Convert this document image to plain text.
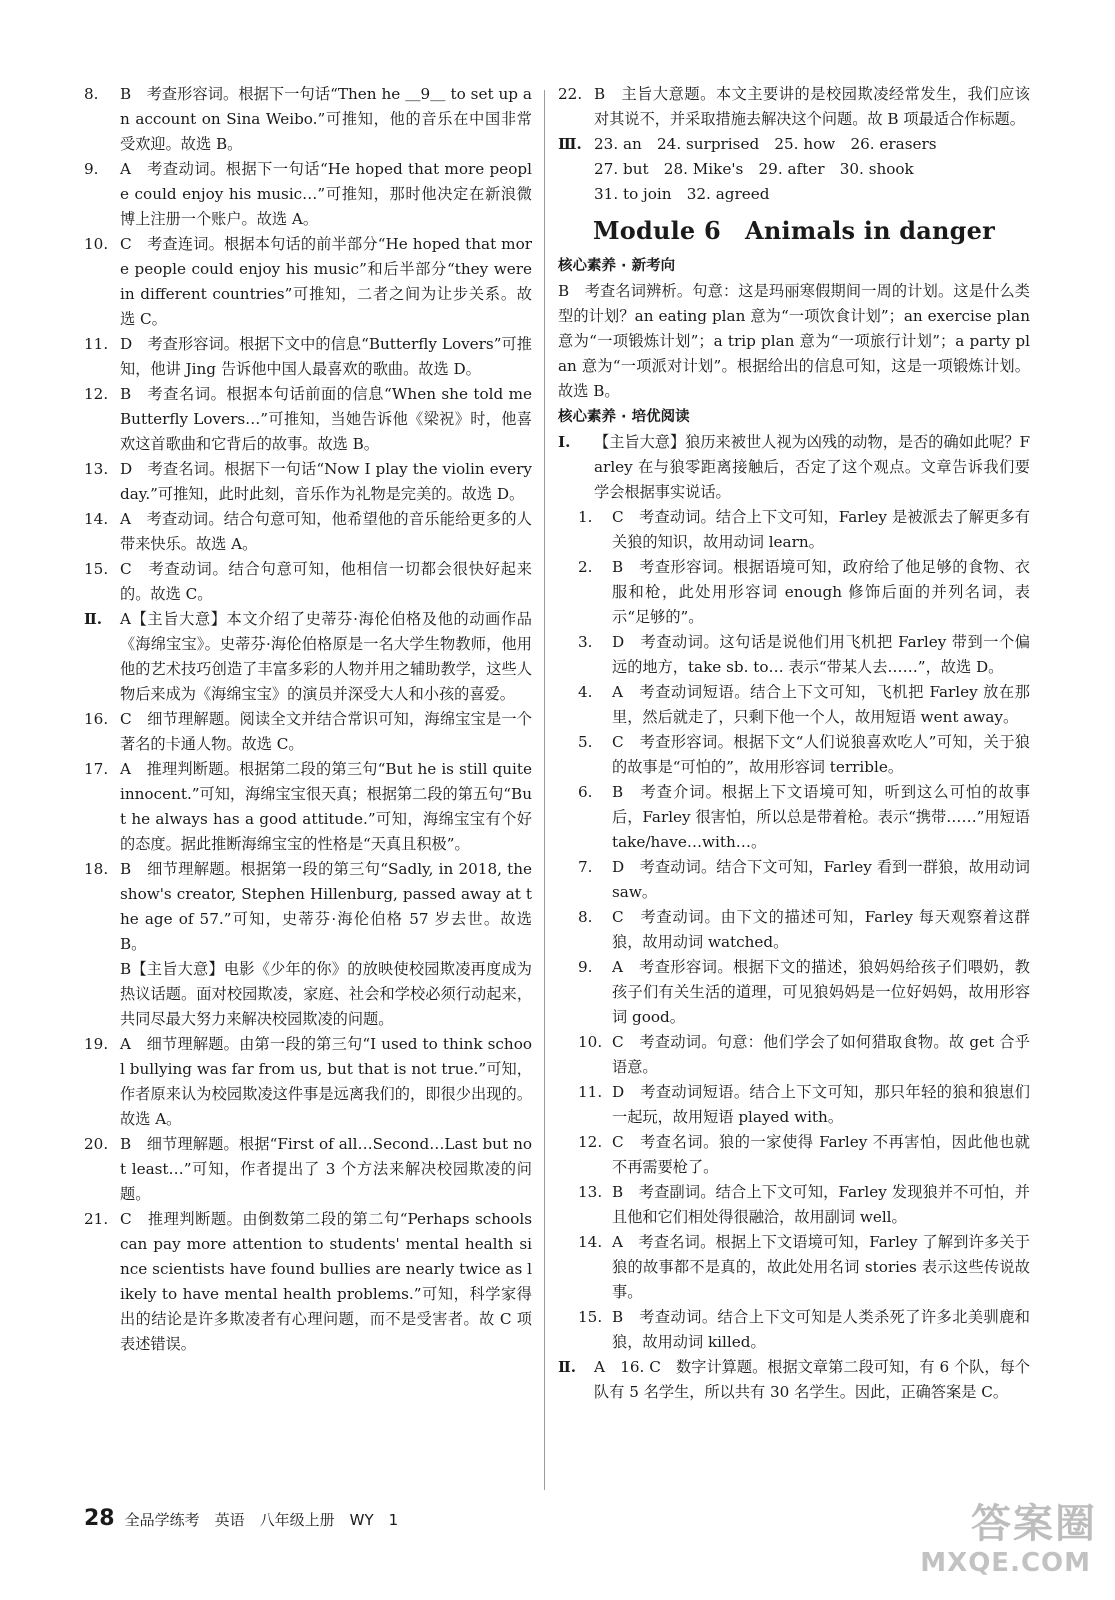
8.	B　考查形容词。根据下一句话“Then he ＿9＿ to set up an account on Sina Weibo.”可推知，他的音乐在中国非常受欢迎。故选 B。
9.	A　考查动词。根据下一句话“He hoped that more people could enjoy his music…”可推知，那时他决定在新浪微博上注册一个账户。故选 A。
10. C　考查连词。根据本句话的前半部分“He hoped that more people could enjoy his music”和后半部分“they were in different countries”可推知，二者之间为让步关系。故选 C。
11. D　考查形容词。根据下文中的信息“Butterfly Lovers”可推知，他讲 Jing 告诉他中国人最喜欢的歌曲。故选 D。
12. B　考查名词。根据本句话前面的信息“When she told me Butterfly Lovers…”可推知，当她告诉他《梁祝》时，他喜欢这首歌曲和它背后的故事。故选 B。
13. D　考查名词。根据下一句话“Now I play the violin every day.”可推知，此时此刻，音乐作为礼物是完美的。故选 D。
14. A　考查动词。结合句意可知，他希望他的音乐能给更多的人带来快乐。故选 A。
15. C　考查动词。结合句意可知，他相信一切都会很快好起来的。故选 C。
Ⅱ. A【主旨大意】本文介绍了史蒂芬·海伦伯格及他的动画作品《海绵宝宝》。史蒂芬·海伦伯格原是一名大学生物教师，他用他的艺术技巧创造了丰富多彩的人物并用之辅助教学，这些人物后来成为《海绵宝宝》的演员并深受大人和小孩的喜爱。
16. C　细节理解题。阅读全文并结合常识可知，海绵宝宝是一个著名的卡通人物。故选 C。
17. A　推理判断题。根据第二段的第三句“But he is still quite innocent.”可知，海绵宝宝很天真；根据第二段的第五句“But he always has a good attitude.”可知，海绵宝宝有个好的态度。据此推断海绵宝宝的性格是“天真且积极”。
18. B　细节理解题。根据第一段的第三句“Sadly, in 2018, the show's creator, Stephen Hillenburg, passed away at the age of 57.”可知，史蒂芬·海伦伯格 57 岁去世。故选 B。
B【主旨大意】电影《少年的你》的放映使校园欺凌再度成为热议话题。面对校园欺凌，家庭、社会和学校必须行动起来，共同尽最大努力来解决校园欺凌的问题。
19. A　细节理解题。由第一段的第三句“I used to think school bullying was far from us, but that is not true.”可知，作者原来认为校园欺凌这件事是远离我们的，即很少出现的。故选 A。
20. B　细节理解题。根据“First of all…Second…Last but not least…”可知，作者提出了 3 个方法来解决校园欺凌的问题。
21. C　推理判断题。由倒数第二段的第二句“Perhaps schools can pay more attention to students' mental health since scientists have found bullies are nearly twice as likely to have mental health problems.”可知，科学家得出的结论是许多欺凌者有心理问题，而不是受害者。故 C 项表述错误。
22. B　主旨大意题。本文主要讲的是校园欺凌经常发生，我们应该对其说不，并采取措施去解决这个问题。故 B 项最适合作标题。
Ⅲ. 23. an　24. surprised　25. how　26. erasers
27. but　28. Mike's　29. after　30. shook
31. to join　32. agreed
Module 6　Animals in danger
核心素养 · 新考向
B　考查名词辨析。句意：这是玛丽寒假期间一周的计划。这是什么类型的计划？an eating plan 意为“一项饮食计划”；an exercise plan 意为“一项锻炼计划”；a trip plan 意为“一项旅行计划”；a party plan 意为“一项派对计划”。根据给出的信息可知，这是一项锻炼计划。故选 B。
核心素养 · 培优阅读
Ⅰ. 【主旨大意】狼历来被世人视为凶残的动物，是否的确如此呢？Farley 在与狼零距离接触后，否定了这个观点。文章告诉我们要学会根据事实说话。
1.	C　考查动词。结合上下文可知，Farley 是被派去了解更多有关狼的知识，故用动词 learn。
2.	B　考查形容词。根据语境可知，政府给了他足够的食物、衣服和枪，此处用形容词 enough 修饰后面的并列名词，表示“足够的”。
3.	D　考查动词。这句话是说他们用飞机把 Farley 带到一个偏远的地方，take sb. to… 表示“带某人去……”，故选 D。
4.	A　考查动词短语。结合上下文可知，飞机把 Farley 放在那里，然后就走了，只剩下他一个人，故用短语 went away。
5.	C　考查形容词。根据下文“人们说狼喜欢吃人”可知，关于狼的故事是“可怕的”，故用形容词 terrible。
6.	B　考查介词。根据上下文语境可知，听到这么可怕的故事后，Farley 很害怕，所以总是带着枪。表示“携带……”用短语 take/have…with…。
7.	D　考查动词。结合下文可知，Farley 看到一群狼，故用动词 saw。
8.	C　考查动词。由下文的描述可知，Farley 每天观察着这群狼，故用动词 watched。
9.	A　考查形容词。根据下文的描述，狼妈妈给孩子们喂奶，教孩子们有关生活的道理，可见狼妈妈是一位好妈妈，故用形容词 good。
10. C　考查动词。句意：他们学会了如何猎取食物。故 get 合乎语意。
11. D　考查动词短语。结合上下文可知，那只年轻的狼和狼崽们一起玩，故用短语 played with。
12. C　考查名词。狼的一家使得 Farley 不再害怕，因此他也就不再需要枪了。
13. B　考查副词。结合上下文可知，Farley 发现狼并不可怕，并且他和它们相处得很融洽，故用副词 well。
14. A　考查名词。根据上下文语境可知，Farley 了解到许多关于狼的故事都不是真的，故此处用名词 stories 表示这些传说故事。
15. B　考查动词。结合上下文可知是人类杀死了许多北美驯鹿和狼，故用动词 killed。
Ⅱ. A　16. C　数字计算题。根据文章第二段可知，有 6 个队，每个队有 5 名学生，所以共有 30 名学生。因此，正确答案是 C。
28 全品学练考　英语　八年级上册　WY　1	答案圈
MXQE.COM
